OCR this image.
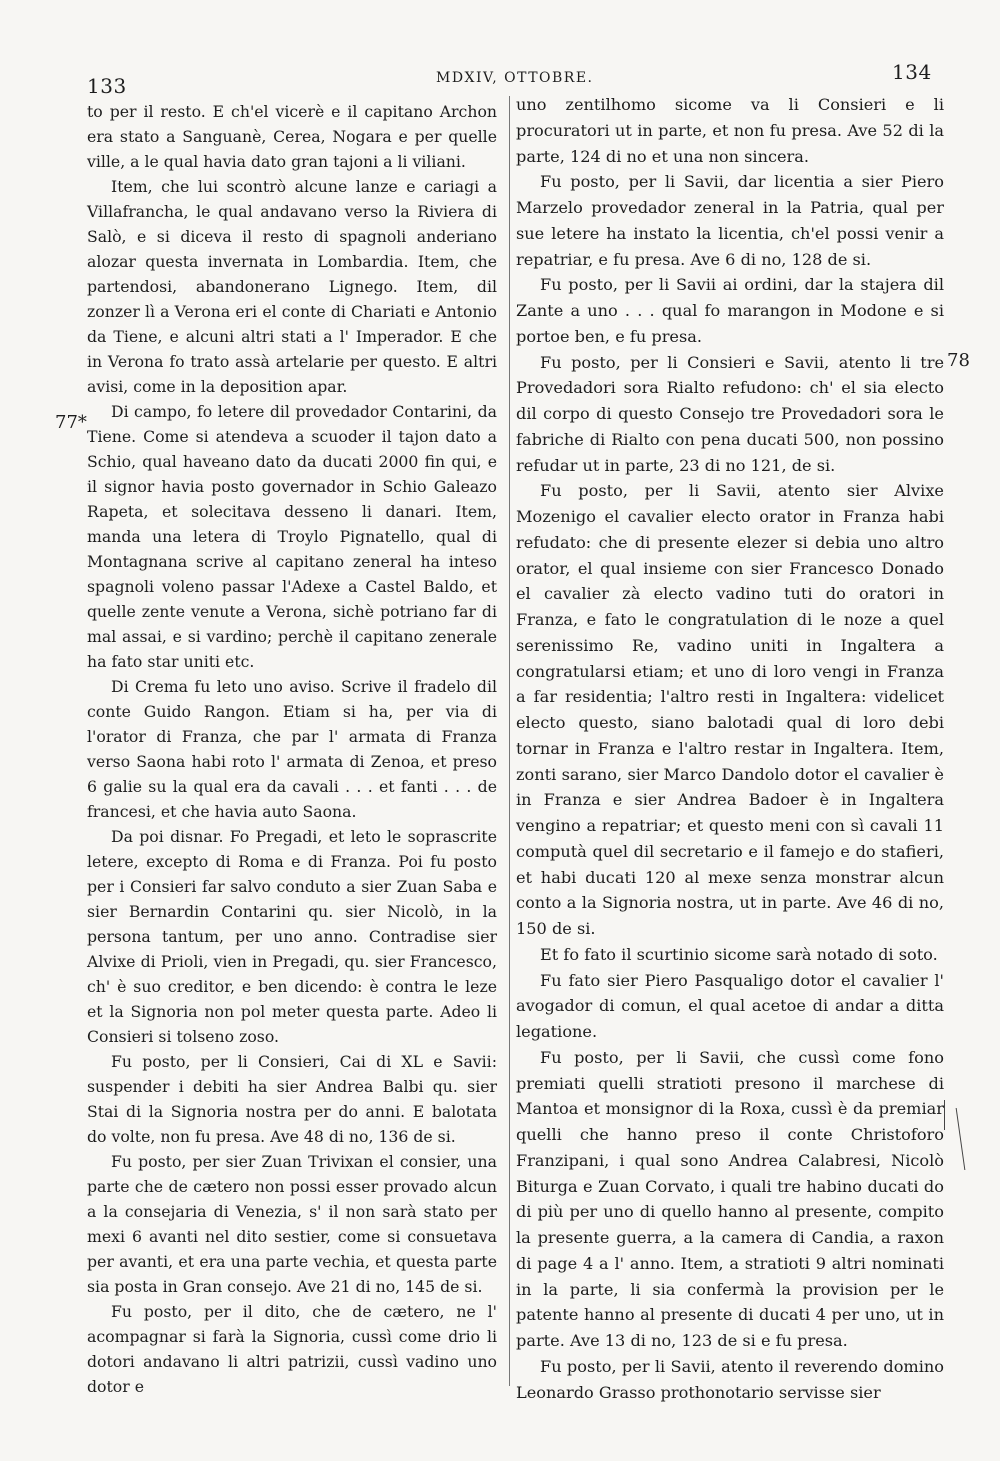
133	MDXIV, OTTOBRE.	134
77*
78

to per il resto. E ch'el vicerè e il capitano Archon era stato a Sanguanè, Cerea, Nogara e per quelle ville, a le qual havia dato gran tajoni a li viliani.

Item, che lui scontrò alcune lanze e cariagi a Villafrancha, le qual andavano verso la Riviera di Salò, e si diceva il resto di spagnoli anderiano alozar questa invernata in Lombardia. Item, che partendosi, abandonerano Lignego. Item, dil zonzer lì a Verona eri el conte di Chariati e Antonio da Tiene, e alcuni altri stati a l' Imperador. E che in Verona fo trato assà artelarie per questo. E altri avisi, come in la deposition apar.

Di campo, fo letere dil provedador Contarini, da Tiene. Come si atendeva a scuoder il tajon dato a Schio, qual haveano dato da ducati 2000 fin qui, e il signor havia posto governador in Schio Galeazo Rapeta, et solecitava desseno li danari. Item, manda una letera di Troylo Pignatello, qual di Montagnana scrive al capitano zeneral ha inteso spagnoli voleno passar l'Adexe a Castel Baldo, et quelle zente venute a Verona, sichè potriano far di mal assai, e si vardino; perchè il capitano zenerale ha fato star uniti etc.

Di Crema fu leto uno aviso. Scrive il fradelo dil conte Guido Rangon. Etiam si ha, per via di l'orator di Franza, che par l' armata di Franza verso Saona habi roto l' armata di Zenoa, et preso 6 galie su la qual era da cavali . . . et fanti . . . de francesi, et che havia auto Saona.

Da poi disnar. Fo Pregadi, et leto le soprascrite letere, excepto di Roma e di Franza. Poi fu posto per i Consieri far salvo conduto a sier Zuan Saba e sier Bernardin Contarini qu. sier Nicolò, in la persona tantum, per uno anno. Contradise sier Alvixe di Prioli, vien in Pregadi, qu. sier Francesco, ch' è suo creditor, e ben dicendo: è contra le leze et la Signoria non pol meter questa parte. Adeo li Consieri si tolseno zoso.

Fu posto, per li Consieri, Cai di XL e Savii: suspender i debiti ha sier Andrea Balbi qu. sier Stai di la Signoria nostra per do anni. E balotata do volte, non fu presa. Ave 48 di no, 136 de si.

Fu posto, per sier Zuan Trivixan el consier, una parte che de cætero non possi esser provado alcun a la consejaria di Venezia, s' il non sarà stato per mexi 6 avanti nel dito sestier, come si consuetava per avanti, et era una parte vechia, et questa parte sia posta in Gran consejo. Ave 21 di no, 145 de si.

Fu posto, per il dito, che de cætero, ne l' acompagnar si farà la Signoria, cussì come drio li dotori andavano li altri patrizii, cussì vadino uno dotor e

uno zentilhomo sicome va li Consieri e li procuratori ut in parte, et non fu presa. Ave 52 di la parte, 124 di no et una non sincera.

Fu posto, per li Savii, dar licentia a sier Piero Marzelo provedador zeneral in la Patria, qual per sue letere ha instato la licentia, ch'el possi venir a repatriar, e fu presa. Ave 6 di no, 128 de si.

Fu posto, per li Savii ai ordini, dar la stajera dil Zante a uno . . . qual fo marangon in Modone e si portoe ben, e fu presa.

Fu posto, per li Consieri e Savii, atento li tre Provedadori sora Rialto refudono: ch' el sia electo dil corpo di questo Consejo tre Provedadori sora le fabriche di Rialto con pena ducati 500, non possino refudar ut in parte, 23 di no 121, de si.

Fu posto, per li Savii, atento sier Alvixe Mozenigo el cavalier electo orator in Franza habi refudato: che di presente elezer si debia uno altro orator, el qual insieme con sier Francesco Donado el cavalier zà electo vadino tuti do oratori in Franza, e fato le congratulation di le noze a quel serenissimo Re, vadino uniti in Ingaltera a congratularsi etiam; et uno di loro vengi in Franza a far residentia; l'altro resti in Ingaltera: videlicet electo questo, siano balotadi qual di loro debi tornar in Franza e l'altro restar in Ingaltera. Item, zonti sarano, sier Marco Dandolo dotor el cavalier è in Franza e sier Andrea Badoer è in Ingaltera vengino a repatriar; et questo meni con sì cavali 11 computà quel dil secretario e il famejo e do stafieri, et habi ducati 120 al mexe senza monstrar alcun conto a la Signoria nostra, ut in parte. Ave 46 di no, 150 de si.

Et fo fato il scurtinio sicome sarà notado di soto.

Fu fato sier Piero Pasqualigo dotor el cavalier l' avogador di comun, el qual acetoe di andar a ditta legatione.

Fu posto, per li Savii, che cussì come fono premiati quelli stratioti presono il marchese di Mantoa et monsignor di la Roxa, cussì è da premiar quelli che hanno preso il conte Christoforo Franzipani, i qual sono Andrea Calabresi, Nicolò Biturga e Zuan Corvato, i quali tre habino ducati do di più per uno di quello hanno al presente, compito la presente guerra, a la camera di Candia, a raxon di page 4 a l' anno. Item, a stratioti 9 altri nominati in la parte, li sia confermà la provision per le patente hanno al presente di ducati 4 per uno, ut in parte. Ave 13 di no, 123 de si e fu presa.

Fu posto, per li Savii, atento il reverendo domino Leonardo Grasso prothonotario servisse sier
